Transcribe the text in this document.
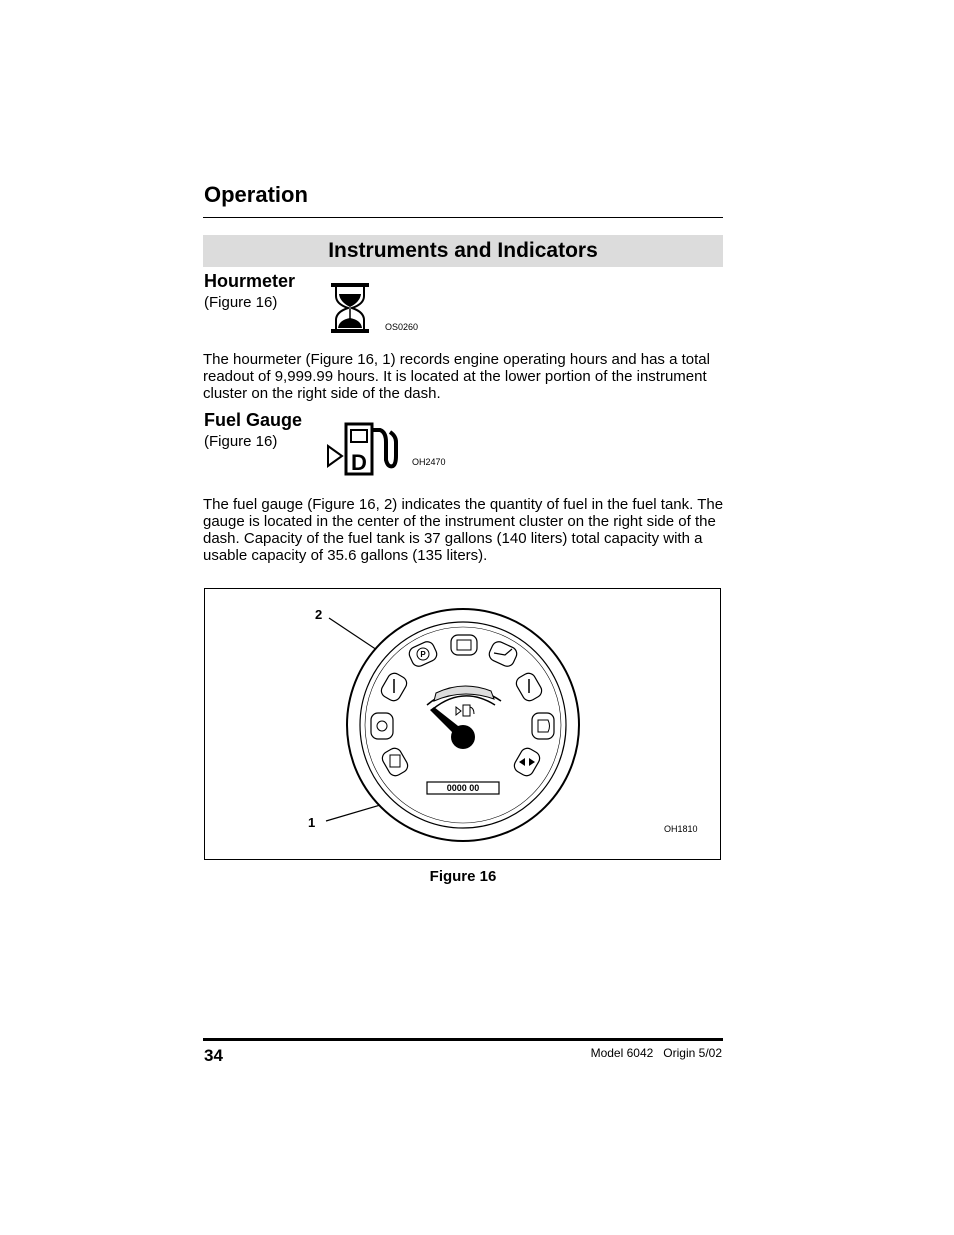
Operation
Instruments and Indicators
Hourmeter
(Figure 16)
OS0260
The hourmeter (Figure 16, 1) records engine operating hours and has a total readout of 9,999.99 hours. It is located at the lower portion of the instrument cluster on the right side of the dash.
Fuel Gauge
(Figure 16)
D	OH2470
The fuel gauge (Figure 16, 2) indicates the quantity of fuel in the fuel tank. The gauge is located in the center of the instrument cluster on the right side of the dash. Capacity of the fuel tank is 37 gallons (140 liters) total capacity with a usable capacity of 35.6 gallons (135 liters).
P
0000 00
2
1	OH1810
Figure 16
34	Model 6042 Origin 5/02
